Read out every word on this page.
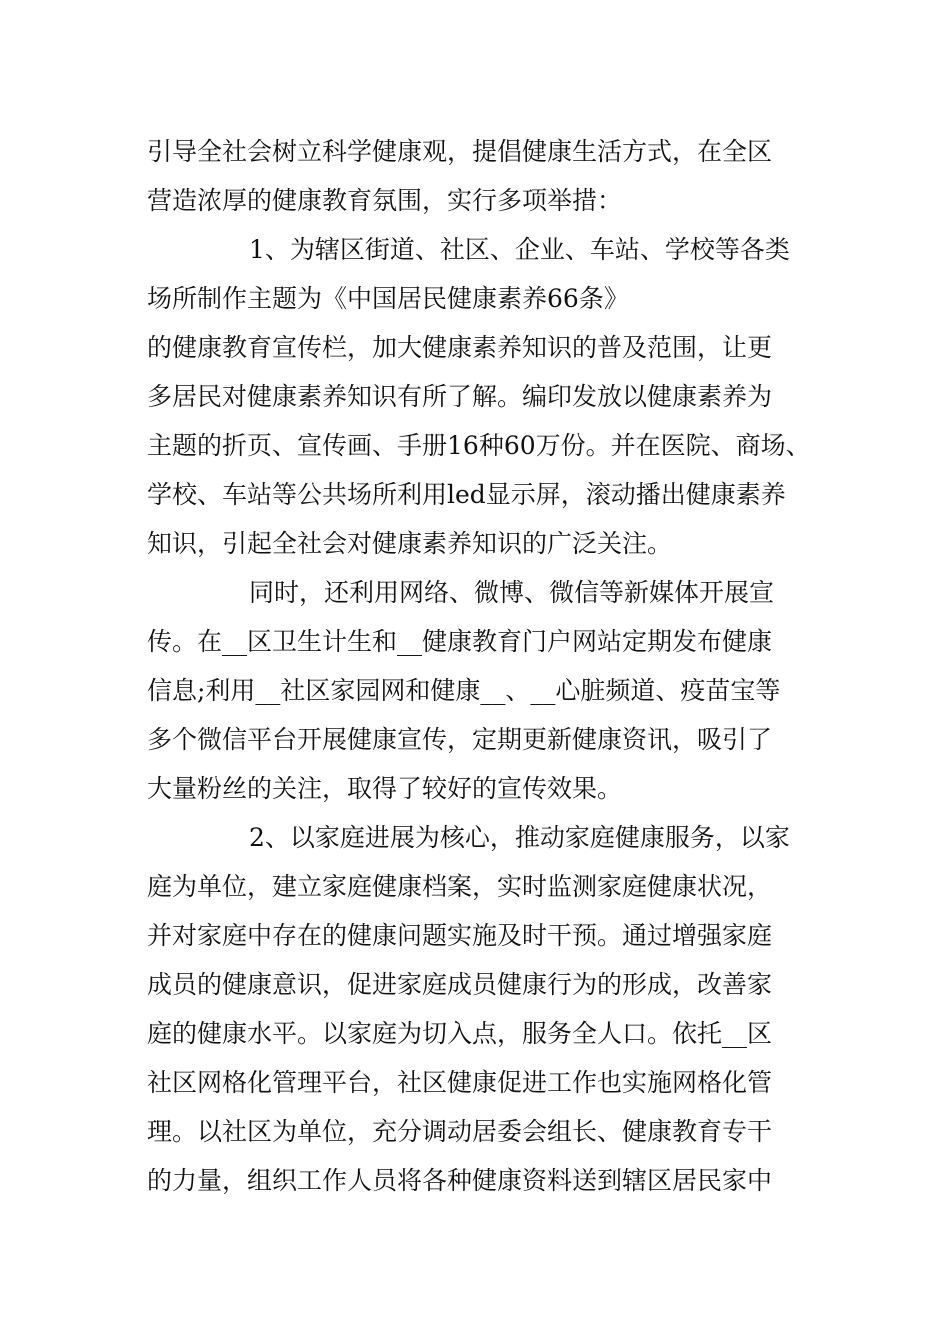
引导全社会树立科学健康观，提倡健康生活方式，在全区
营造浓厚的健康教育氛围，实行多项举措：
1、为辖区街道、社区、企业、车站、学校等各类
场所制作主题为《中国居民健康素养66条》
的健康教育宣传栏，加大健康素养知识的普及范围，让更
多居民对健康素养知识有所了解。编印发放以健康素养为
主题的折页、宣传画、手册16种60万份。并在医院、商场、
学校、车站等公共场所利用led显示屏，滚动播出健康素养
知识，引起全社会对健康素养知识的广泛关注。
同时，还利用网络、微博、微信等新媒体开展宣
传。在__区卫生计生和__健康教育门户网站定期发布健康
信息;利用__社区家园网和健康__、__心脏频道、疫苗宝等
多个微信平台开展健康宣传，定期更新健康资讯，吸引了
大量粉丝的关注，取得了较好的宣传效果。
2、以家庭进展为核心，推动家庭健康服务，以家
庭为单位，建立家庭健康档案，实时监测家庭健康状况，
并对家庭中存在的健康问题实施及时干预。通过增强家庭
成员的健康意识，促进家庭成员健康行为的形成，改善家
庭的健康水平。以家庭为切入点，服务全人口。依托__区
社区网格化管理平台，社区健康促进工作也实施网格化管
理。以社区为单位，充分调动居委会组长、健康教育专干
的力量，组织工作人员将各种健康资料送到辖区居民家中
